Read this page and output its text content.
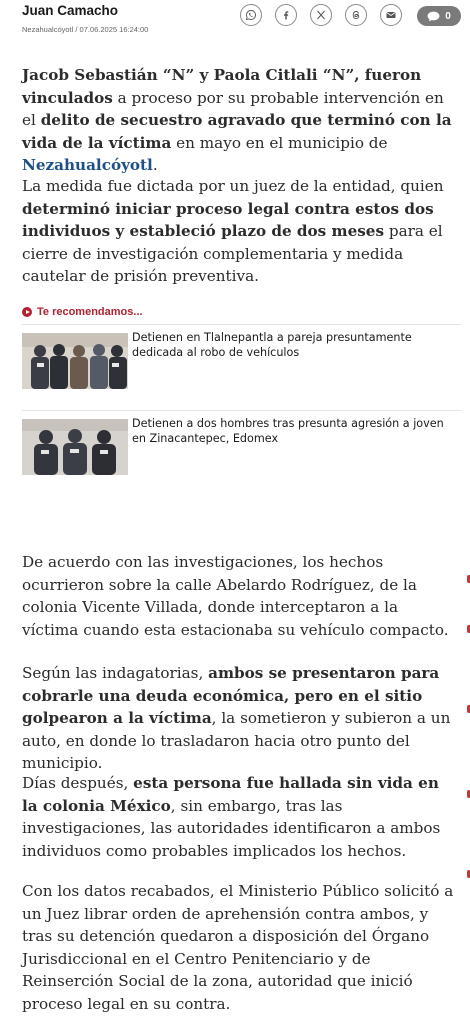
Juan Camacho
Nezahualcóyotl / 07.06.2025 16:24:00
0

Jacob Sebastián “N” y Paola Citlali “N”, fueron vinculados a proceso por su probable intervención en el delito de secuestro agravado que terminó con la vida de la víctima en mayo en el municipio de Nezahualcóyotl.

La medida fue dictada por un juez de la entidad, quien determinó iniciar proceso legal contra estos dos individuos y estableció plazo de dos meses para el cierre de investigación complementaria y medida cautelar de prisión preventiva.

Te recomendamos...

Detienen en Tlalnepantla a pareja presuntamente dedicada al robo de vehículos

Detienen a dos hombres tras presunta agresión a joven en Zinacantepec, Edomex

De acuerdo con las investigaciones, los hechos ocurrieron sobre la calle Abelardo Rodríguez, de la colonia Vicente Villada, donde interceptaron a la víctima cuando esta estacionaba su vehículo compacto.

Según las indagatorias, ambos se presentaron para cobrarle una deuda económica, pero en el sitio golpearon a la víctima, la sometieron y subieron a un auto, en donde lo trasladaron hacia otro punto del municipio.

Días después, esta persona fue hallada sin vida en la colonia México, sin embargo, tras las investigaciones, las autoridades identificaron a ambos individuos como probables implicados los hechos.

Con los datos recabados, el Ministerio Público solicitó a un Juez librar orden de aprehensión contra ambos, y tras su detención quedaron a disposición del Órgano Jurisdiccional en el Centro Penitenciario y de Reinserción Social de la zona, autoridad que inició proceso legal en su contra.
